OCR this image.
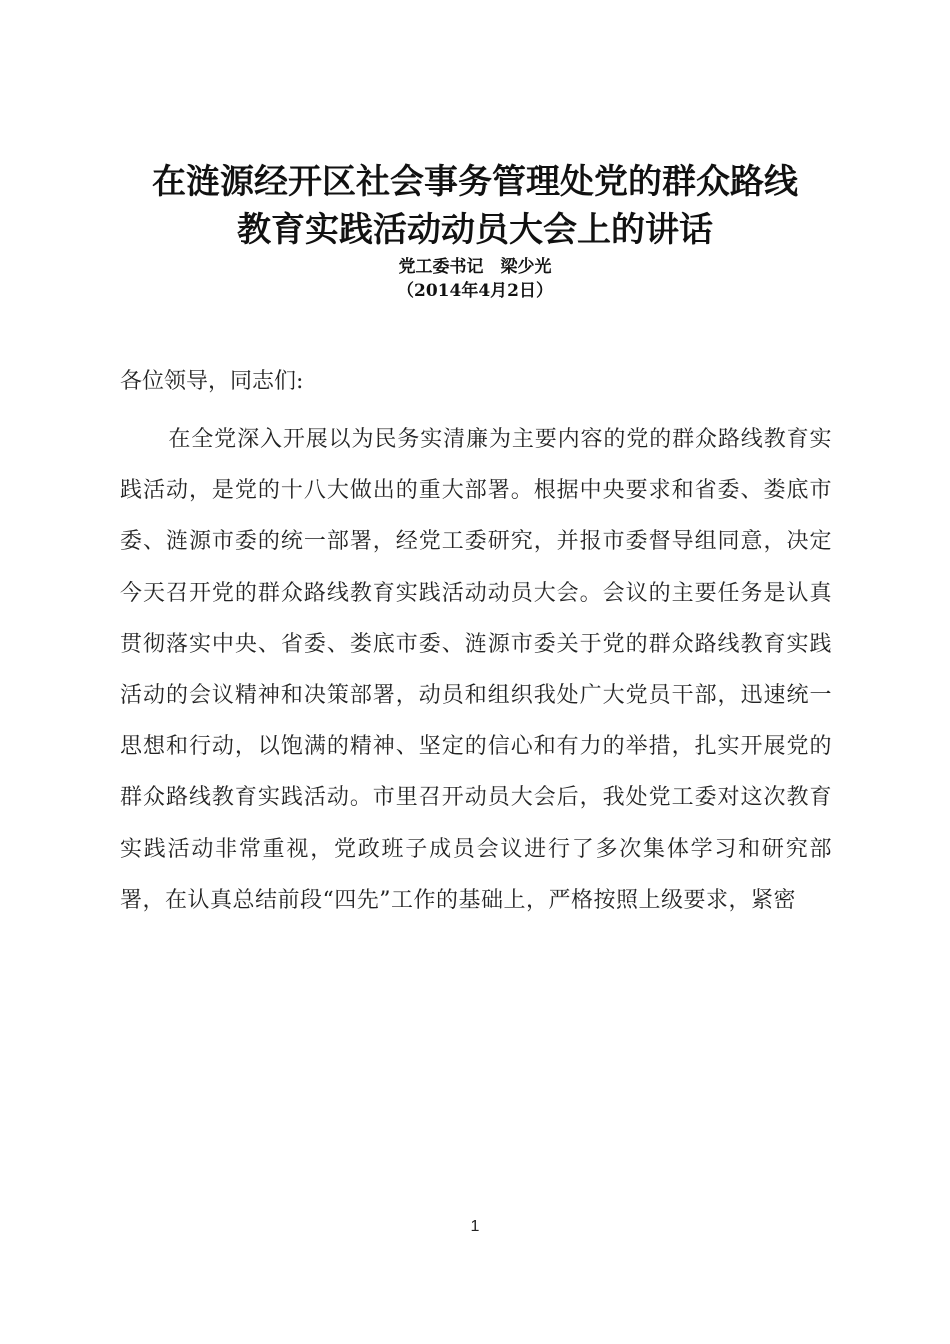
在涟源经开区社会事务管理处党的群众路线
教育实践活动动员大会上的讲话
党工委书记　梁少光
（2014年4月2日）
各位领导，同志们:
在全党深入开展以为民务实清廉为主要内容的党的群众路线教育实践活动，是党的十八大做出的重大部署。根据中央要求和省委、娄底市委、涟源市委的统一部署，经党工委研究，并报市委督导组同意，决定今天召开党的群众路线教育实践活动动员大会。会议的主要任务是认真贯彻落实中央、省委、娄底市委、涟源市委关于党的群众路线教育实践活动的会议精神和决策部署，动员和组织我处广大党员干部，迅速统一思想和行动，以饱满的精神、坚定的信心和有力的举措，扎实开展党的群众路线教育实践活动。市里召开动员大会后，我处党工委对这次教育实践活动非常重视，党政班子成员会议进行了多次集体学习和研究部署，在认真总结前段“四先”工作的基础上，严格按照上级要求，紧密
1
